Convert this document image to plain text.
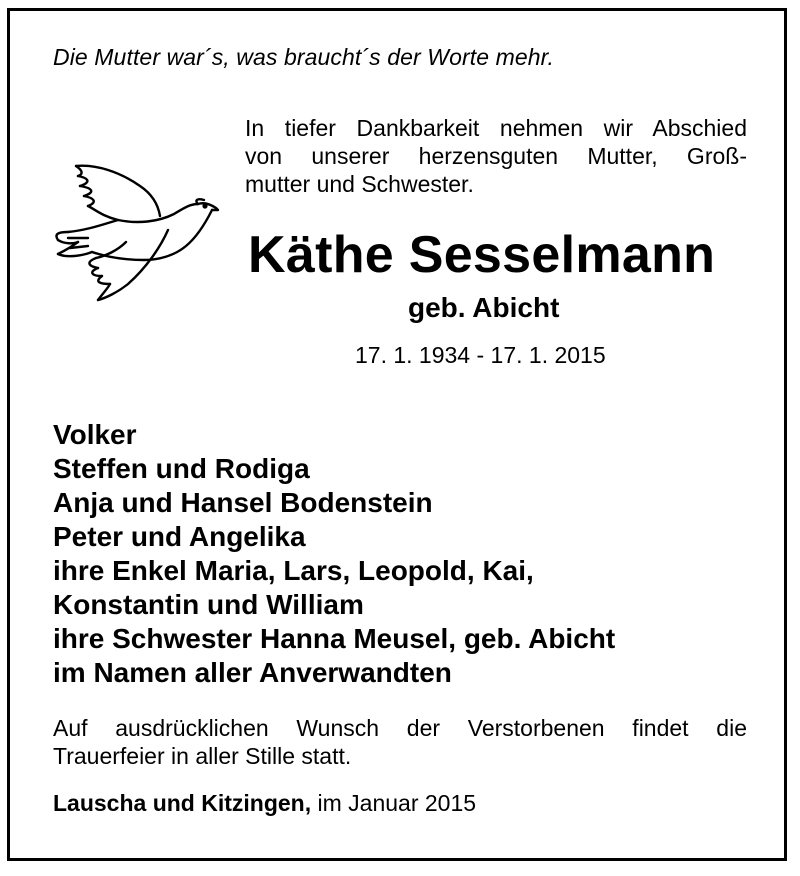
Die Mutter war´s, was braucht´s der Worte mehr.
In tiefer Dankbarkeit nehmen wir Abschied
von unserer herzensguten Mutter, Groß-
mutter und Schwester.
Käthe Sesselmann
geb. Abicht
17. 1. 1934 - 17. 1. 2015
Volker
Steffen und Rodiga
Anja und Hansel Bodenstein
Peter und Angelika
ihre Enkel Maria, Lars, Leopold, Kai,
Konstantin und William
ihre Schwester Hanna Meusel, geb. Abicht
im Namen aller Anverwandten
Auf ausdrücklichen Wunsch der Verstorbenen findet die
Trauerfeier in aller Stille statt.
Lauscha und Kitzingen, im Januar 2015
